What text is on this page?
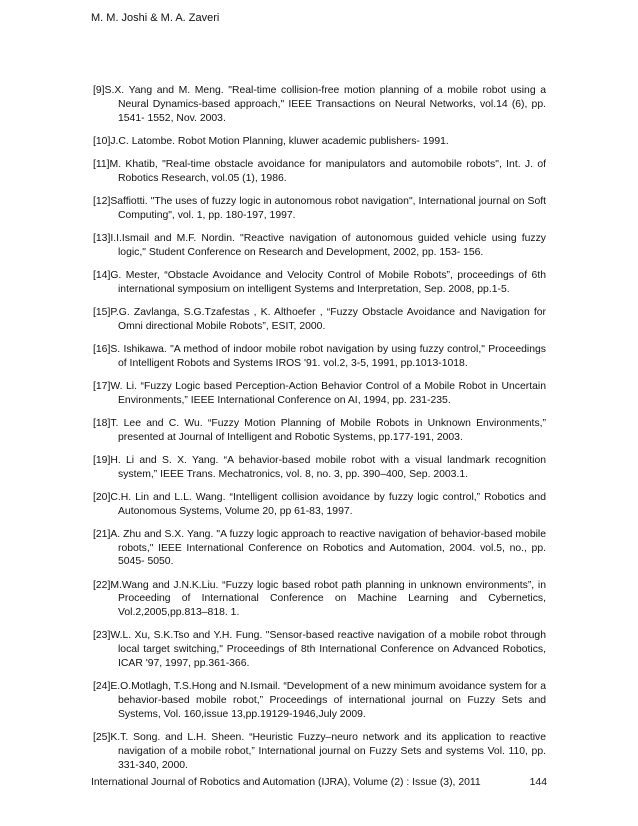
M. M. Joshi & M. A. Zaveri
[9]S.X. Yang and M. Meng. "Real-time collision-free motion planning of a mobile robot using a Neural Dynamics-based approach," IEEE Transactions on Neural Networks, vol.14 (6), pp. 1541- 1552, Nov. 2003.
[10]J.C. Latombe. Robot Motion Planning, kluwer academic publishers- 1991.
[11]M. Khatib, "Real-time obstacle avoidance for manipulators and automobile robots", Int. J. of Robotics Research, vol.05 (1), 1986.
[12]Saffiotti. "The uses of fuzzy logic in autonomous robot navigation", International journal on Soft Computing", vol. 1, pp. 180-197, 1997.
[13]I.I.Ismail and M.F. Nordin. "Reactive navigation of autonomous guided vehicle using fuzzy logic," Student Conference on Research and Development, 2002, pp. 153- 156.
[14]G. Mester, “Obstacle Avoidance and Velocity Control of Mobile Robots”, proceedings of 6th international symposium on intelligent Systems and Interpretation, Sep. 2008, pp.1-5.
[15]P.G. Zavlanga, S.G.Tzafestas , K. Althoefer , “Fuzzy Obstacle Avoidance and Navigation for Omni directional Mobile Robots”, ESIT, 2000.
[16]S. Ishikawa. "A method of indoor mobile robot navigation by using fuzzy control," Proceedings of Intelligent Robots and Systems IROS '91. vol.2, 3-5, 1991, pp.1013-1018.
[17]W. Li. “Fuzzy Logic based Perception-Action Behavior Control of a Mobile Robot in Uncertain Environments,” IEEE International Conference on AI, 1994, pp. 231-235.
[18]T. Lee and C. Wu. “Fuzzy Motion Planning of Mobile Robots in Unknown Environments,” presented at Journal of Intelligent and Robotic Systems, pp.177-191, 2003.
[19]H. Li and S. X. Yang. “A behavior-based mobile robot with a visual landmark recognition system,” IEEE Trans. Mechatronics, vol. 8, no. 3, pp. 390–400, Sep. 2003.1.
[20]C.H. Lin and L.L. Wang. “Intelligent collision avoidance by fuzzy logic control,” Robotics and Autonomous Systems, Volume 20, pp 61-83, 1997.
[21]A. Zhu and S.X. Yang. "A fuzzy logic approach to reactive navigation of behavior-based mobile robots," IEEE International Conference on Robotics and Automation, 2004. vol.5, no., pp. 5045- 5050.
[22]M.Wang and J.N.K.Liu. “Fuzzy logic based robot path planning in unknown environments”, in Proceeding of International Conference on Machine Learning and Cybernetics, Vol.2,2005,pp.813–818. 1.
[23]W.L. Xu, S.K.Tso and Y.H. Fung. "Sensor-based reactive navigation of a mobile robot through local target switching," Proceedings of 8th International Conference on Advanced Robotics, ICAR '97, 1997, pp.361-366.
[24]E.O.Motlagh, T.S.Hong and N.Ismail. “Development of a new minimum avoidance system for a behavior-based mobile robot,” Proceedings of international journal on Fuzzy Sets and Systems, Vol. 160,issue 13,pp.19129-1946,July 2009.
[25]K.T. Song. and L.H. Sheen. “Heuristic Fuzzy–neuro network and its application to reactive navigation of a mobile robot,” International journal on Fuzzy Sets and systems Vol. 110, pp. 331-340, 2000.
International Journal of Robotics and Automation (IJRA), Volume (2) : Issue (3), 2011	144
